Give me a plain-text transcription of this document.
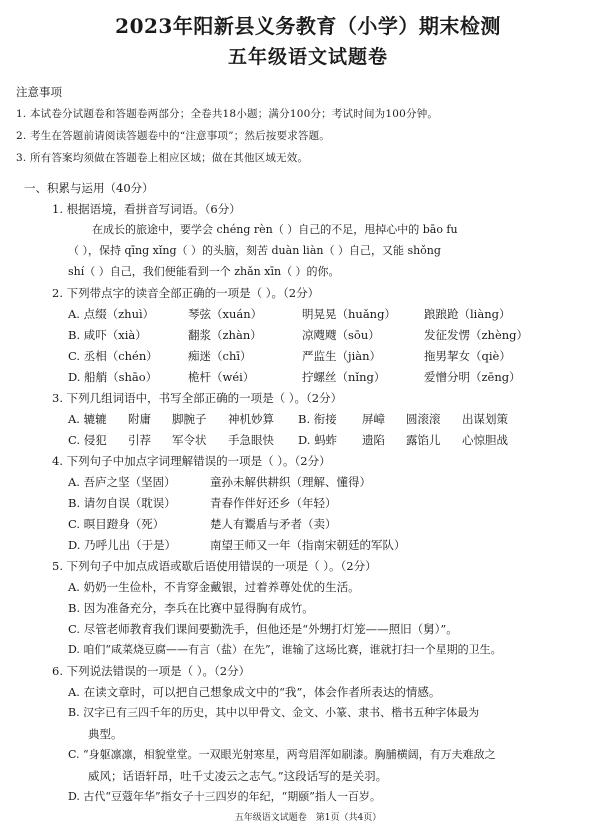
2023年阳新县义务教育（小学）期末检测
五年级语文试题卷
注意事项
1. 本试卷分试题卷和答题卷两部分；全卷共18小题；满分100分；考试时间为100分钟。
2. 考生在答题前请阅读答题卷中的“注意事项”；然后按要求答题。
3. 所有答案均须做在答题卷上相应区域；做在其他区域无效。
一、积累与运用（40分）
1. 根据语境，看拼音写词语。（6分）
在成长的旅途中，要学会 chéng rèn（ ）自己的不足，甩掉心中的 bāo fu
（ ），保持 qīng xǐng（ ）的头脑，刻苦 duàn liàn（ ）自己，又能 shǒng
shí（ ）自己，我们便能看到一个 zhǎn xīn（ ）的你。
2. 下列带点字的读音全部正确的一项是（ ）。（2分）
A. 点缀（zhuì）	琴弦（xuán）	明晃晃（huǎng） 踉踉跄（liàng）
B. 咸吓（xià）	翻浆（zhàn）	凉飕飕（sōu）	发征发愣（zhèng）
C. 丞相（chén）	痴迷（chī）	严监生（jiàn）	拖男挈女（qiè）
D. 船艄（shāo）	桅杆（wéi）	拧螺丝（nǐng）	爱憎分明（zēng）
3. 下列几组词语中，书写全部正确的一项是（ ）。（2分）
A. 辘辘 附庸 脚腕子 神机妙算 B. 衔接 屏嶂 圆滚滚 出谋划策
C. 侵犯 引荐 军令状 手急眼快 D. 蚂蚱 遗陷 露馅儿 心惊胆战
4. 下列句子中加点字词理解错误的一项是（ ）。（2分）
A. 吾庐之坚（坚固）	童孙未解供耕织（理解、懂得）
B. 请勿自误（耽误）	青春作伴好还乡（年轻）
C. 暝目蹬身（死）	楚人有鬻盾与矛者（卖）
D. 乃呼儿出（于是）	南望王师又一年（指南宋朝廷的军队）
5. 下列句子中加点成语或歇后语使用错误的一项是（ ）。（2分）
A. 奶奶一生俭朴，不肯穿金戴银，过着养尊处优的生活。
B. 因为准备充分，李兵在比赛中显得胸有成竹。
C. 尽管老师教育我们课间要勤洗手，但他还是“外甥打灯笼——照旧（舅）”。
D. 咱们“咸菜烧豆腐——有言（盐）在先”，谁输了这场比赛，谁就打扫一个星期的卫生。
6. 下列说法错误的一项是（ ）。（2分）
A. 在读文章时，可以把自己想象成文中的“我”，体会作者所表达的情感。
B. 汉字已有三四千年的历史，其中以甲骨文、金文、小篆、隶书、楷书五种字体最为
典型。
C. “身躯凛凛，相貌堂堂。一双眼光射寒星，两弯眉浑如刷漆。胸脯横阔，有万夫难敌之
威风；话语轩昂，吐千丈凌云之志气。”这段话写的是关羽。
D. 古代“豆蔻年华”指女子十三四岁的年纪，“期颐”指人一百岁。
五年级语文试题卷　第1页（共4页）
